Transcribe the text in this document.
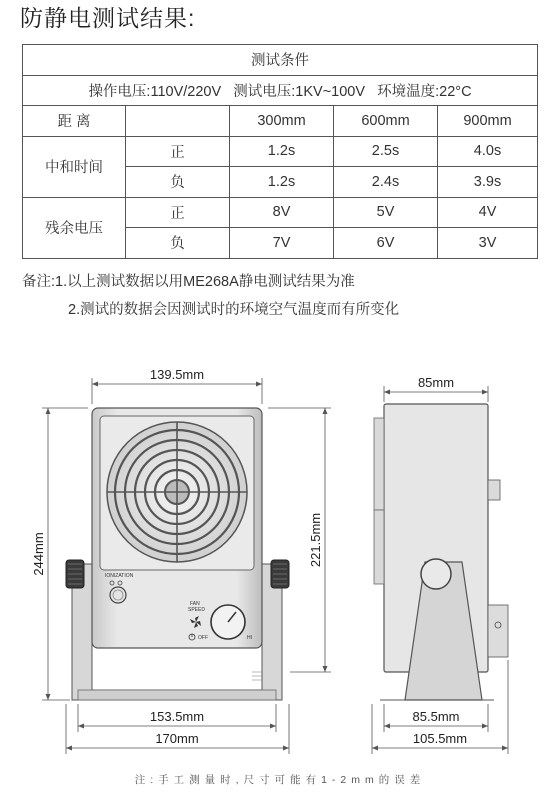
防静电测试结果:
测试条件				
操作电压:110V/220V 测试电压:1KV~100V 环境温度:22°C				
距 离		300mm	600mm	900mm
中和时间	正	1.2s	2.5s	4.0s
	负	1.2s	2.4s	3.9s
残余电压	正	8V	5V	4V
	负	7V	6V	3V
备注:1.以上测试数据以用ME268A静电测试结果为准
2.测试的数据会因测试时的环境空气温度而有所变化
IONIZATION
FAN
SPEED
OFF	HI
139.5mm
244mm	221.5mm
153.5mm
170mm
85mm
85.5mm
105.5mm
注:手工测量时,尺寸可能有1-2mm的误差
